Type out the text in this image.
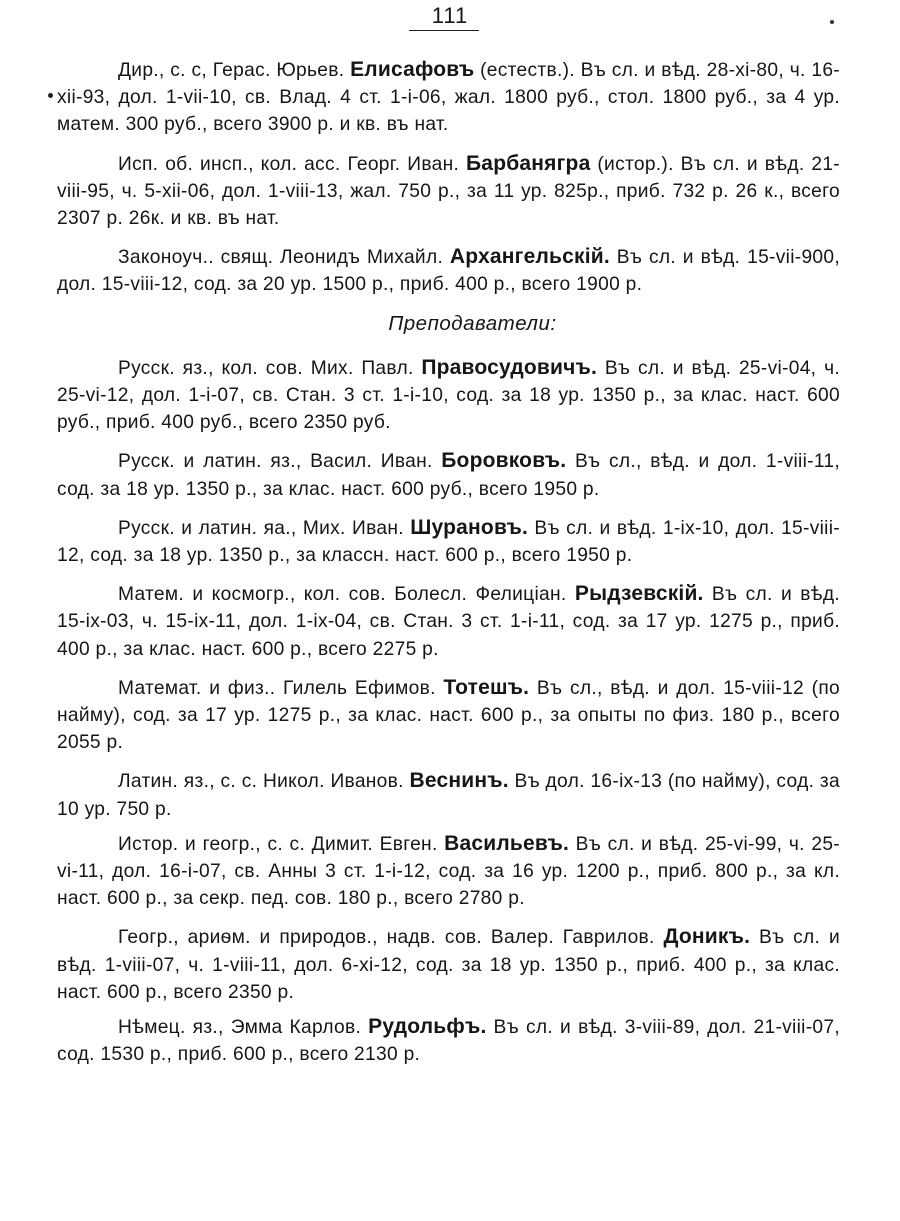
111

Дир., с. с, Герас. Юрьев. Елисафовъ (естеств.). Въ сл. и вѣд. 28-xi-80, ч. 16-xii-93, дол. 1-vii-10, св. Влад. 4 ст. 1-i-06, жал. 1800 руб., стол. 1800 руб., за 4 ур. матем. 300 руб., всего 3900 р. и кв. въ нат.

Исп. об. инсп., кол. асс. Георг. Иван. Барбанягра (истор.). Въ сл. и вѣд. 21-viii-95, ч. 5-xii-06, дол. 1-viii-13, жал. 750 р., за 11 ур. 825р., приб. 732 р. 26 к., всего 2307 р. 26к. и кв. въ нат.

Законоуч.. свящ. Леонидъ Михайл. Архангельскій. Въ сл. и вѣд. 15-vii-900, дол. 15-viii-12, сод. за 20 ур. 1500 р., приб. 400 р., всего 1900 р.

Преподаватели:

Русск. яз., кол. сов. Мих. Павл. Правосудовичъ. Въ сл. и вѣд. 25-vi-04, ч. 25-vi-12, дол. 1-i-07, св. Стан. 3 ст. 1-i-10, сод. за 18 ур. 1350 р., за клас. наст. 600 руб., приб. 400 руб., всего 2350 руб.

Русск. и латин. яз., Васил. Иван. Боровковъ. Въ сл., вѣд. и дол. 1-viii-11, сод. за 18 ур. 1350 р., за клас. наст. 600 руб., всего 1950 р.

Русск. и латин. яа., Мих. Иван. Шурановъ. Въ сл. и вѣд. 1-ix-10, дол. 15-viii-12, сод. за 18 ур. 1350 р., за классн. наст. 600 р., всего 1950 р.

Матем. и космогр., кол. сов. Болесл. Фелиціан. Рыдзевскій. Въ сл. и вѣд. 15-ix-03, ч. 15-ix-11, дол. 1-ix-04, св. Стан. 3 ст. 1-i-11, сод. за 17 ур. 1275 р., приб. 400 р., за клас. наст. 600 р., всего 2275 р.

Математ. и физ.. Гилель Ефимов. Тотешъ. Въ сл., вѣд. и дол. 15-viii-12 (по найму), сод. за 17 ур. 1275 р., за клас. наст. 600 р., за опыты по физ. 180 р., всего 2055 р.

Латин. яз., с. с. Никол. Иванов. Веснинъ. Въ дол. 16-ix-13 (по найму), сод. за 10 ур. 750 р.

Истор. и геогр., с. с. Димит. Евген. Васильевъ. Въ сл. и вѣд. 25-vi-99, ч. 25-vi-11, дол. 16-i-07, св. Анны 3 ст. 1-i-12, сод. за 16 ур. 1200 р., приб. 800 р., за кл. наст. 600 р., за секр. пед. сов. 180 р., всего 2780 р.

Геогр., ариѳм. и природов., надв. сов. Валер. Гаврилов. Доникъ. Въ сл. и вѣд. 1-viii-07, ч. 1-viii-11, дол. 6-xi-12, сод. за 18 ур. 1350 р., приб. 400 р., за клас. наст. 600 р., всего 2350 р.

Нѣмец. яз., Эмма Карлов. Рудольфъ. Въ сл. и вѣд. 3-viii-89, дол. 21-viii-07, сод. 1530 р., приб. 600 р., всего 2130 р.
